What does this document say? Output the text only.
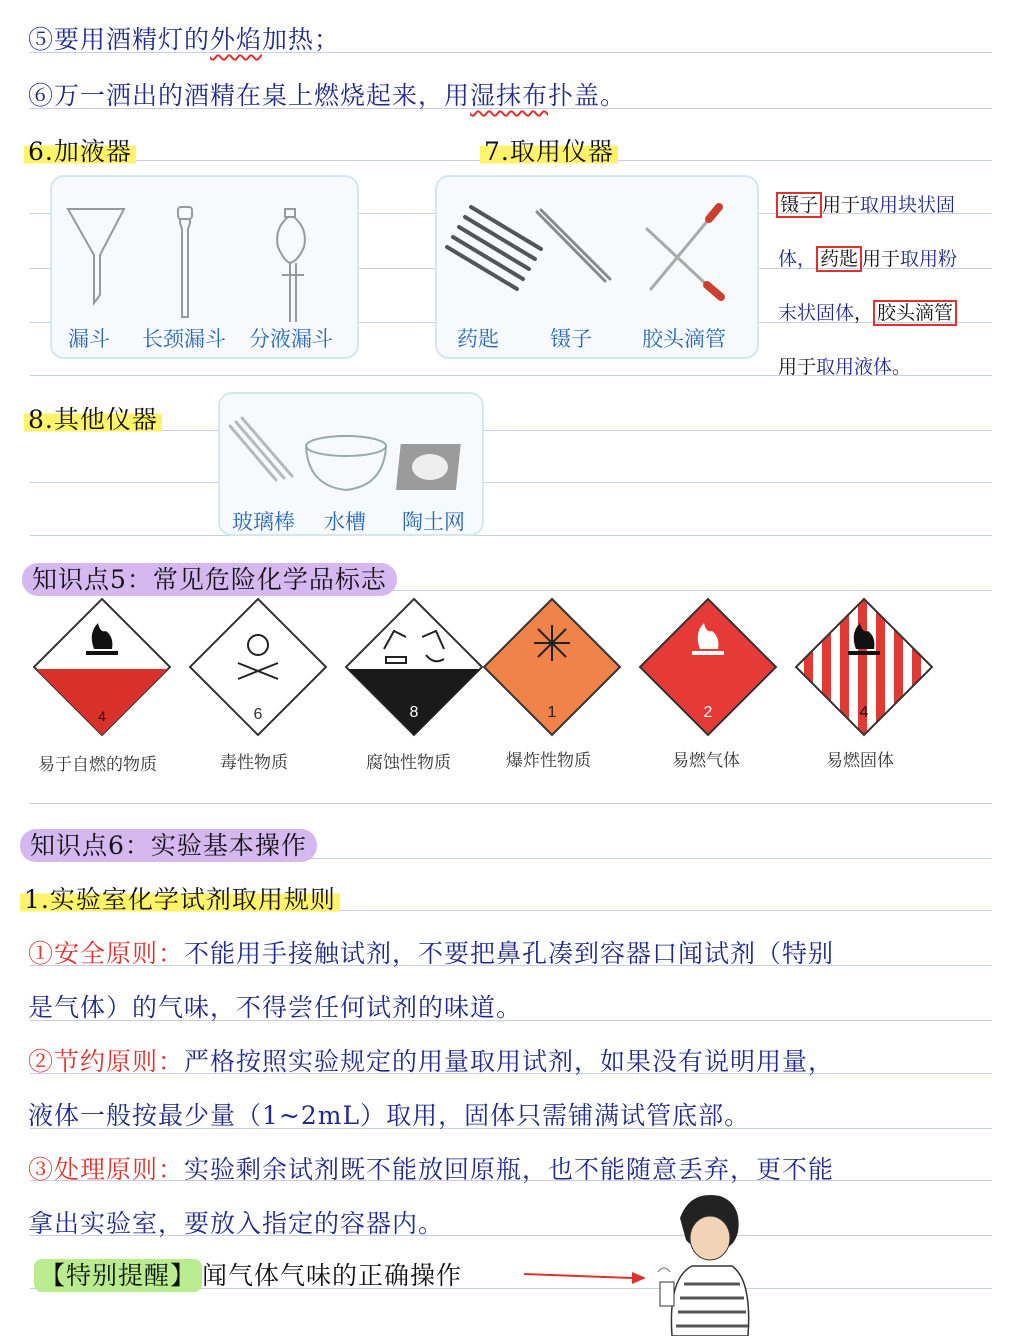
⑤要用酒精灯的外焰加热；
⑥万一洒出的酒精在桌上燃烧起来，用湿抹布扑盖。
6.加液器
漏斗 长颈漏斗 分液漏斗
7.取用仪器
药匙 镊子 胶头滴管
镊子 用于取用块状固
体， 药匙 用于取用粉
末状固体， 胶头滴管
用于取用液体。
8.其他仪器
玻璃棒 水槽 陶土网
知识点5：常见危险化学品标志
4	6	8	1	2	4
易于自燃的物质	毒性物质	腐蚀性物质	爆炸性物质	易燃气体	易燃固体
知识点6：实验基本操作
1.实验室化学试剂取用规则
①安全原则：不能用手接触试剂，不要把鼻孔凑到容器口闻试剂（特别
是气体）的气味，不得尝任何试剂的味道。
②节约原则：严格按照实验规定的用量取用试剂，如果没有说明用量，
液体一般按最少量（1~2mL）取用，固体只需铺满试管底部。
③处理原则：实验剩余试剂既不能放回原瓶，也不能随意丢弃，更不能
拿出实验室，要放入指定的容器内。
【特别提醒】 闻气体气味的正确操作
